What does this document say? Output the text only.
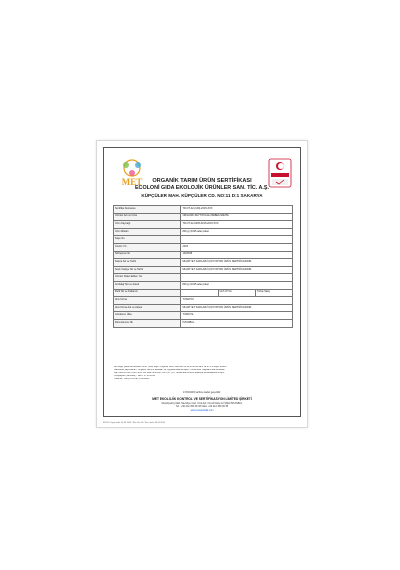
MET
TÜRKAK
ORGANİK TARIM ÜRÜN SERTİFİKASI
ECOLONİ GIDA EKOLOJİK ÜRÜNLER SAN. TİC. A.Ş.
KÜPÇÜLER MAH. KÜPÇÜLER CD. NO:11 D:1 SAKARYA
Sertifika Numarası	TR-OT-42-(130)-2015-XXX		
Ürünün Adı ve Cinsi	ORGANİK ZEYTİNYAĞLI BEBEK EMZİSİ		
Ürün Kaynağı	TR-OT-42-0005-0195-2015-XXX		
Ürün Miktarı	800 gr (1195 adet paket		
Kaşe No			
Üretim Yılı	2015		
Sözleşme No	1023345		
Fatura No ve Tarihi	MUAFİYET KAZILARI İÇİN TOPTAN ÜRÜN SERTİFİKASIDIR.		
Sevk İrsaliye No ve Tarihi	MUAFİYET KAZILARI İÇİN TOPTAN ÜRÜN SERTİFİKASIDIR.		
Ürünün Paket Edilen Yer			
Ambalaj Tipi ve Adedi	800 gr (1195 adet paket		
Parti No ve Kullanım		GLT-07 No	Turkiş Satış
Alıcı Firma	TÜKETİCİ		
Alıcı Firma Adı ve Adresi	MUAFİYET KAZILARI İÇİN TOPTAN ÜRÜN SERTİFİKASIDIR.		
Gönderen Ülke	TÜRKİYE		
Düzenlenme Ok	İSTANBUL		
Bu belge yukarıda belirtilen ürün, 5262 sayılı Organik Tarım Kanunu ve 18.08.2010 tarih ve 27676 sayılı Resmi
Gazetede yayımlanan "Organik Tarımın Esasları ve Uygulanmasına İlişkin Yönetmelik" kapsamında sertifikalı
MET EKOLOJİK KONTROL VE SERTİFİKASYON LTD. ŞTİ. Tarafından kontrol edilerek sertifikalandırılmıştır.
Onaylayan (Sertifikör): Tarih: 17.03.2015
Yasemin YALÇIN İmza: İSTANBUL
17/03/2015 tarihine kadar geçerlidir.
MET EKOLOJİK KONTROL VE SERTİFİKASYON LİMİTED ŞİRKETİ
Mecidiyeköy Mah. Mecidiye Cad. Ümit Apt. No:24 Daire:12 ŞİŞLİ/İSTANBUL
Tel.: +90 212 356 06 36 Faks: +90 212 356 06 35
www.metekolojik.com
FR-56 / Yayın tarihi: 01.09.2015 / Rev. No: 00 / Rev. tarihi: 09.05.2016
